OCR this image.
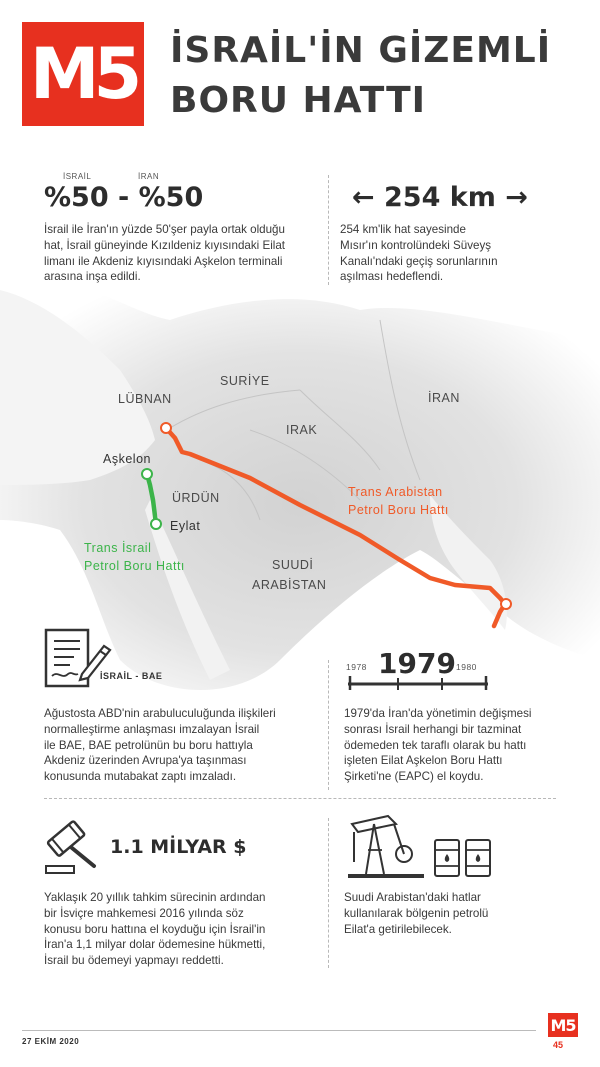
M5 İSRAİL'İN GİZEMLİ
BORU HATTI
İSRAİL	İRAN
%50 - %50
İsrail ile İran'ın yüzde 50'şer payla ortak olduğu
hat, İsrail güneyinde Kızıldeniz kıyısındaki Eilat
limanı ile Akdeniz kıyısındaki Aşkelon terminali
arasına inşa edildi.
← 254 km →
254 km'lik hat sayesinde
Mısır'ın kontrolündeki Süveyş
Kanalı'ndaki geçiş sorunlarının
aşılması hedeflendi.
SURİYE
LÜBNAN
IRAK
İRAN
ÜRDÜN
SUUDİ
ARABİSTAN
Aşkelon
Eylat
Trans Arabistan
Petrol Boru Hattı
Trans İsrail
Petrol Boru Hattı
İSRAİL - BAE
Ağustosta ABD'nin arabuluculuğunda ilişkileri
normalleştirme anlaşması imzalayan İsrail
ile BAE, BAE petrolünün bu boru hattıyla
Akdeniz üzerinden Avrupa'ya taşınması
konusunda mutabakat zaptı imzaladı.
1978 1979 1980
1979'da İran'da yönetimin değişmesi
sonrası İsrail herhangi bir tazminat
ödemeden tek taraflı olarak bu hattı
işleten Eilat Aşkelon Boru Hattı
Şirketi'ne (EAPC) el koydu.
1.1 MİLYAR $
Yaklaşık 20 yıllık tahkim sürecinin ardından
bir İsviçre mahkemesi 2016 yılında söz
konusu boru hattına el koyduğu için İsrail'in
İran'a 1,1 milyar dolar ödemesine hükmetti,
İsrail bu ödemeyi yapmayı reddetti.
Suudi Arabistan'daki hatlar
kullanılarak bölgenin petrolü
Eilat'a getirilebilecek.
27 EKİM 2020
M5
45
